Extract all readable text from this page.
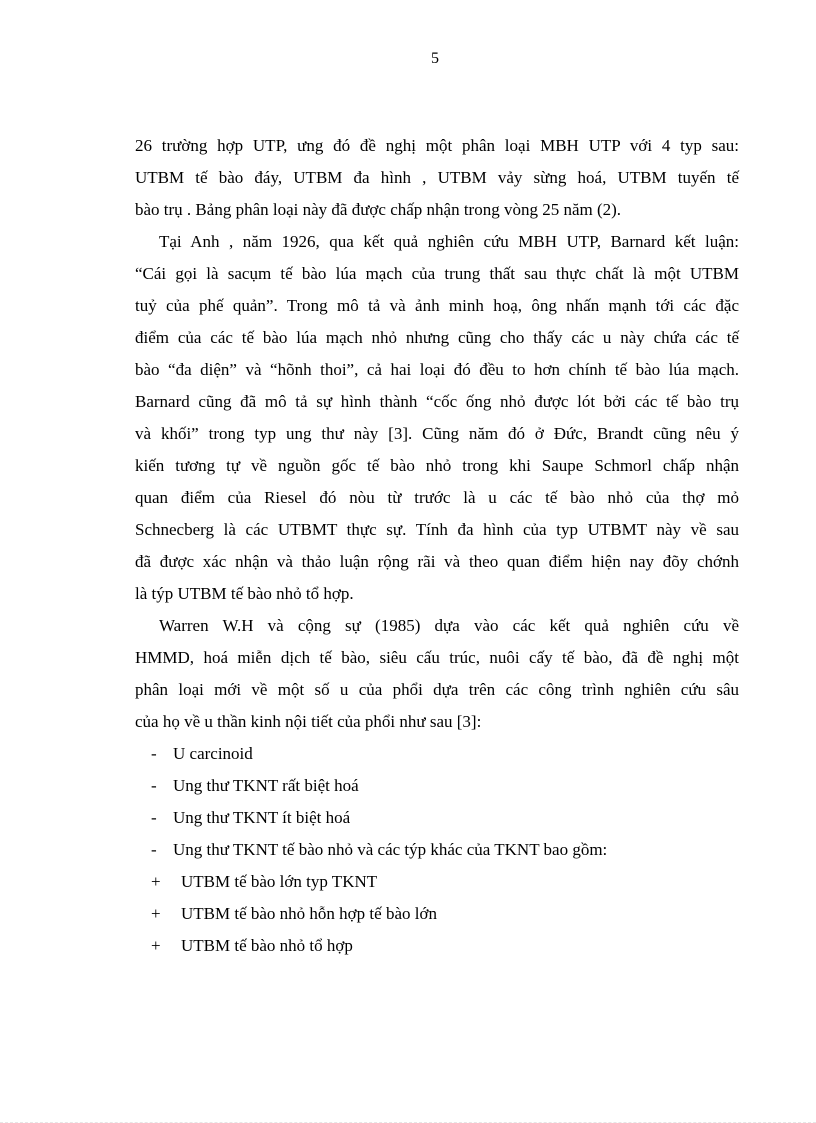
5

26 trường hợp UTP, ưng đó đề nghị một phân loại MBH UTP với 4 typ sau:
UTBM tế bào đáy, UTBM đa hình , UTBM vảy sừng hoá, UTBM tuyến tế
bào trụ . Bảng phân loại này đã được chấp nhận trong vòng 25 năm (2).

Tại Anh , năm 1926, qua kết quả nghiên cứu MBH UTP, Barnard kết luận:
“Cái gọi là sacụm tế bào lúa mạch của trung thất sau thực chất là một UTBM
tuỷ của phế quản”. Trong mô tả và ảnh minh hoạ, ông nhấn mạnh tới các đặc
điểm của các tế bào lúa mạch nhỏ nhưng cũng cho thấy các u này chứa các tế
bào “đa diện” và “hõnh thoi”, cả hai loại đó đều to hơn chính tế bào lúa mạch.
Barnard cũng đã mô tả sự hình thành “cốc ống nhỏ được lót bởi các tế bào trụ
và khối” trong typ ung thư này [3]. Cũng năm đó ở Đức, Brandt cũng nêu ý
kiến tương tự về nguồn gốc tế bào nhỏ trong khi Saupe Schmorl chấp nhận
quan điểm của Riesel đó nòu từ trước là u các tế bào nhỏ của thợ mỏ
Schnecberg là các UTBMT thực sự. Tính đa hình của typ UTBMT này về sau
đã được xác nhận và thảo luận rộng rãi và theo quan điểm hiện nay đõy chớnh
là týp UTBM tế bào nhỏ tổ hợp.

Warren W.H và cộng sự (1985) dựa vào các kết quả nghiên cứu về
HMMD, hoá miễn dịch tế bào, siêu cấu trúc, nuôi cấy tế bào, đã đề nghị một
phân loại mới về một số u của phổi dựa trên các công trình nghiên cứu sâu
của họ về u thần kinh nội tiết của phổi như sau [3]:

- U carcinoid
- Ung thư TKNT rất biệt hoá
- Ung thư TKNT ít biệt hoá
- Ung thư TKNT tế bào nhỏ và các týp khác của TKNT bao gồm:
+	UTBM tế bào lớn typ TKNT
+	UTBM tế bào nhỏ hỗn hợp tế bào lớn
+	UTBM tế bào nhỏ tổ hợp
